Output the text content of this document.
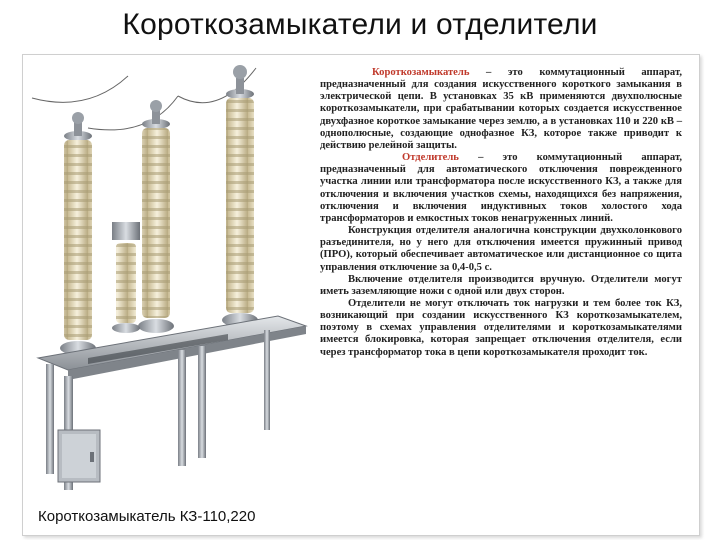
Короткозамыкатели и отделители
Короткозамыкатель КЗ-110,220

Короткозамыкатель – это коммутационный аппарат, предназначенный для создания искусственного короткого замыкания в электрической цепи. В установках 35 кВ применяются двухполюсные короткозамыкатели, при срабатывании которых создается искусственное двухфазное короткое замыкание через землю, а в установках 110 и 220 кВ – однополюсные, создающие однофазное КЗ, которое также приводит к действию релейной защиты.

Отделитель – это коммутационный аппарат, предназначенный для автоматического отключения поврежденного участка линии или трансформатора после искусственного КЗ, а также для отключения и включения участков схемы, находящихся без напряжения, отключения и включения индуктивных токов холостого хода трансформаторов и емкостных токов ненагруженных линий.

Конструкция отделителя аналогична конструкции двухколонкового разъединителя, но у него для отключения имеется пружинный привод (ПРО), который обеспечивает автоматическое или дистанционное со щита управления отключение за 0,4-0,5 с.

Включение отделителя производится вручную. Отделители могут иметь заземляющие ножи с одной или двух сторон.

Отделители не могут отключать ток нагрузки и тем более ток КЗ, возникающий при создании искусственного КЗ короткозамыкателем, поэтому в схемах управления отделителями и короткозамыкателями имеется блокировка, которая запрещает отключения отделителя, если через трансформатор тока в цепи короткозамыкателя проходит ток.
